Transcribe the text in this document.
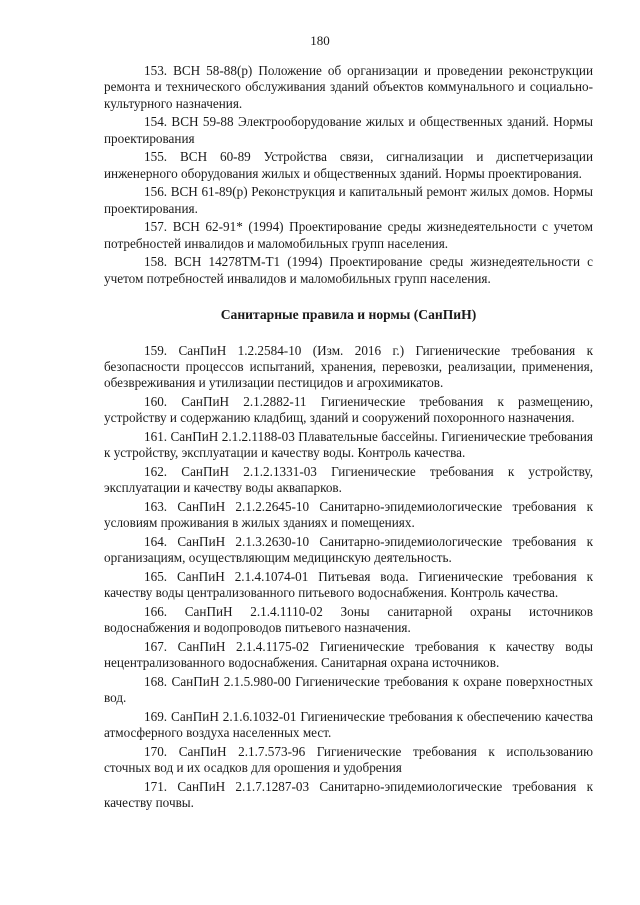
180

153. ВСН 58-88(р) Положение об организации и проведении реконструкции ремонта и технического обслуживания зданий объектов коммунального и социально-культурного назначения.

154. ВСН 59-88 Электрооборудование жилых и общественных зданий. Нормы проектирования

155. ВСН 60-89 Устройства связи, сигнализации и диспетчеризации инженерного оборудования жилых и общественных зданий. Нормы проектирования.

156. ВСН 61-89(р) Реконструкция и капитальный ремонт жилых домов. Нормы проектирования.

157. ВСН 62-91* (1994) Проектирование среды жизнедеятельности с учетом потребностей инвалидов и маломобильных групп населения.

158. ВСН 14278ТМ-Т1 (1994) Проектирование среды жизнедеятельности с учетом потребностей инвалидов и маломобильных групп населения.

Санитарные правила и нормы (СанПиН)

159. СанПиН 1.2.2584-10 (Изм. 2016 г.) Гигиенические требования к безопасности процессов испытаний, хранения, перевозки, реализации, применения, обезвреживания и утилизации пестицидов и агрохимикатов.

160. СанПиН 2.1.2882-11 Гигиенические требования к размещению, устройству и содержанию кладбищ, зданий и сооружений похоронного назначения.

161. СанПиН 2.1.2.1188-03 Плавательные бассейны. Гигиенические требования к устройству, эксплуатации и качеству воды. Контроль качества.

162. СанПиН 2.1.2.1331-03 Гигиенические требования к устройству, эксплуатации и качеству воды аквапарков.

163. СанПиН 2.1.2.2645-10 Санитарно-эпидемиологические требования к условиям проживания в жилых зданиях и помещениях.

164. СанПиН 2.1.3.2630-10 Санитарно-эпидемиологические требования к организациям, осуществляющим медицинскую деятельность.

165. СанПиН 2.1.4.1074-01 Питьевая вода. Гигиенические требования к качеству воды централизованного питьевого водоснабжения. Контроль качества.

166. СанПиН 2.1.4.1110-02 Зоны санитарной охраны источников водоснабжения и водопроводов питьевого назначения.

167. СанПиН 2.1.4.1175-02 Гигиенические требования к качеству воды нецентрализованного водоснабжения. Санитарная охрана источников.

168. СанПиН 2.1.5.980-00 Гигиенические требования к охране поверхностных вод.

169. СанПиН 2.1.6.1032-01 Гигиенические требования к обеспечению качества атмосферного воздуха населенных мест.

170. СанПиН 2.1.7.573-96 Гигиенические требования к использованию сточных вод и их осадков для орошения и удобрения

171. СанПиН 2.1.7.1287-03 Санитарно-эпидемиологические требования к качеству почвы.
